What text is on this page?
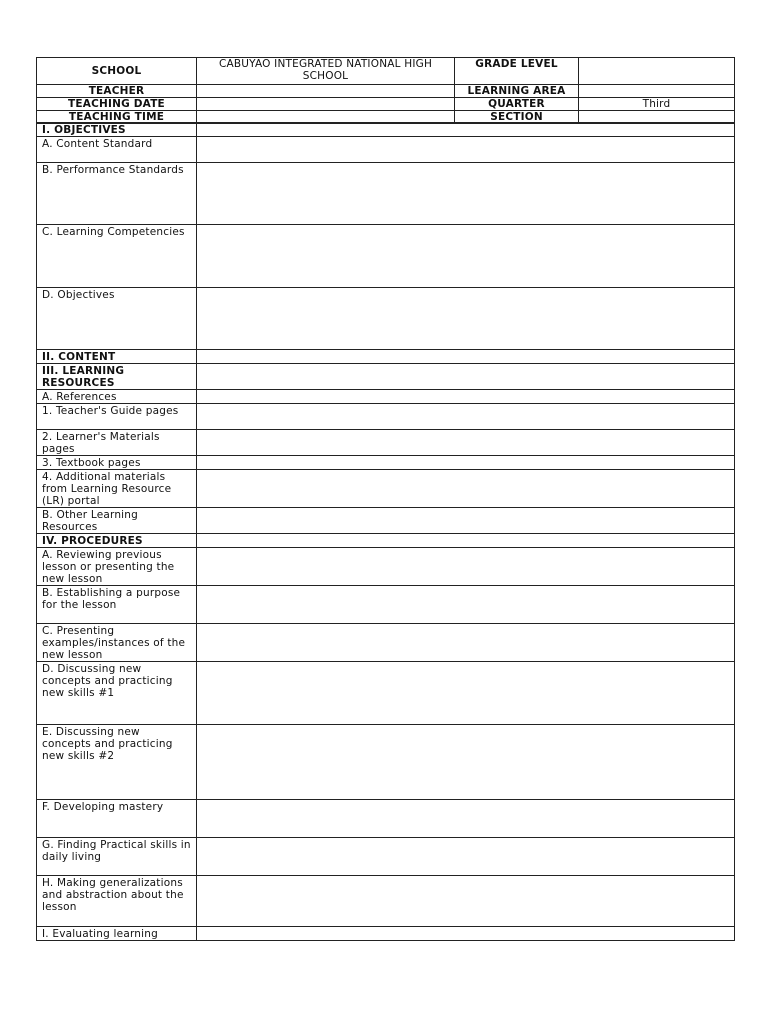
SCHOOL	CABUYAO INTEGRATED NATIONAL HIGH SCHOOL	GRADE LEVEL	
TEACHER		LEARNING AREA	
TEACHING DATE		QUARTER	Third
TEACHING TIME		SECTION	
I. OBJECTIVES	
A. Content Standard	
B. Performance Standards	
C. Learning Competencies	
D. Objectives	
II. CONTENT	
III. LEARNING RESOURCES	
A. References	
1. Teacher's Guide pages	
2. Learner's Materials pages	
3. Textbook pages	
4. Additional materials from Learning Resource (LR) portal	
B. Other Learning Resources	
IV. PROCEDURES	
A. Reviewing previous lesson or presenting the new lesson	
B. Establishing a purpose for the lesson	
C. Presenting examples/instances of the new lesson	
D. Discussing new concepts and practicing new skills #1	
E. Discussing new concepts and practicing new skills #2	
F. Developing mastery	
G. Finding Practical skills in daily living	
H. Making generalizations and abstraction about the lesson	
I. Evaluating learning	
